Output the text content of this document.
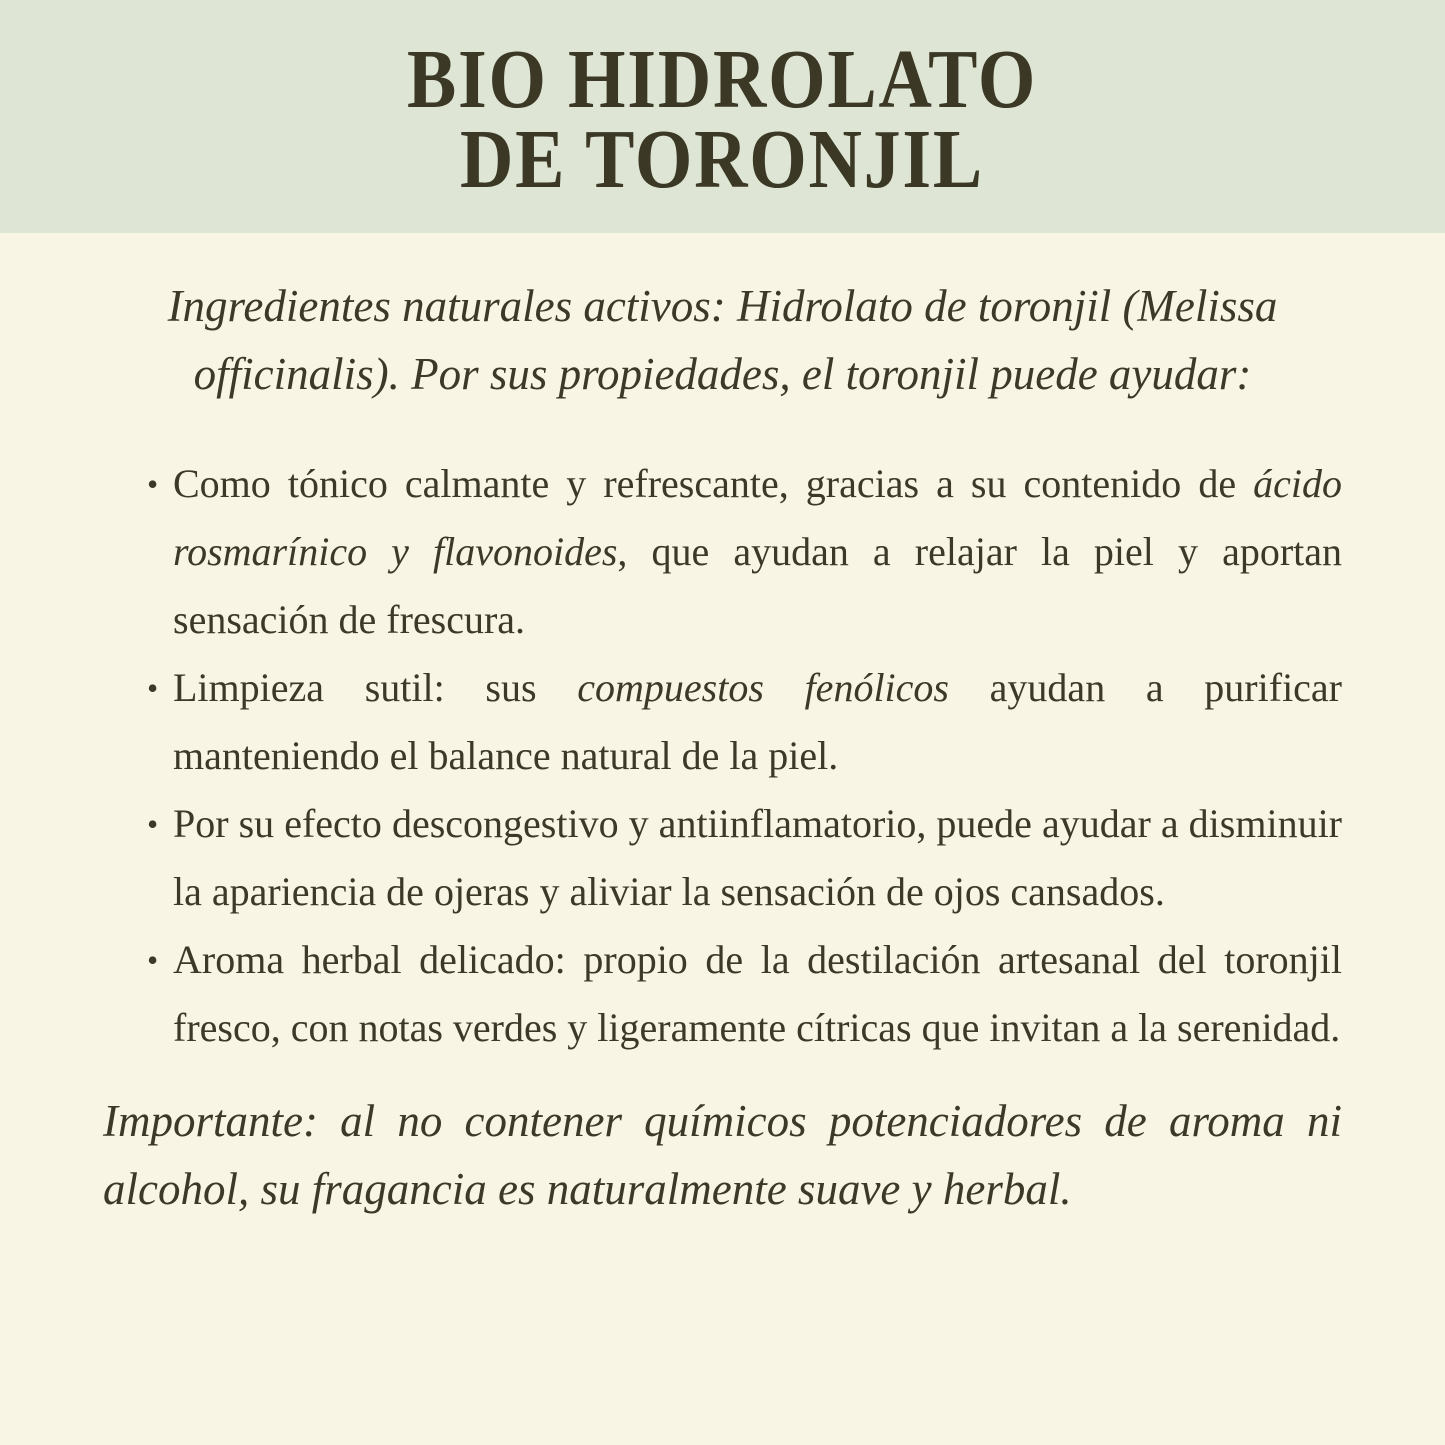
BIO HIDROLATO
DE TORONJIL

Ingredientes naturales activos: Hidrolato de toronjil (Melissa officinalis). Por sus propiedades, el toronjil puede ayudar:

• Como tónico calmante y refrescante, gracias a su contenido de ácido rosmarínico y flavonoides, que ayudan a relajar la piel y aportan sensación de frescura.
• Limpieza sutil: sus compuestos fenólicos ayudan a purificar manteniendo el balance natural de la piel.
• Por su efecto descongestivo y antiinflamatorio, puede ayudar a disminuir la apariencia de ojeras y aliviar la sensación de ojos cansados.
• Aroma herbal delicado: propio de la destilación artesanal del toronjil fresco, con notas verdes y ligeramente cítricas que invitan a la serenidad.

Importante: al no contener químicos potenciadores de aroma ni alcohol, su fragancia es naturalmente suave y herbal.
